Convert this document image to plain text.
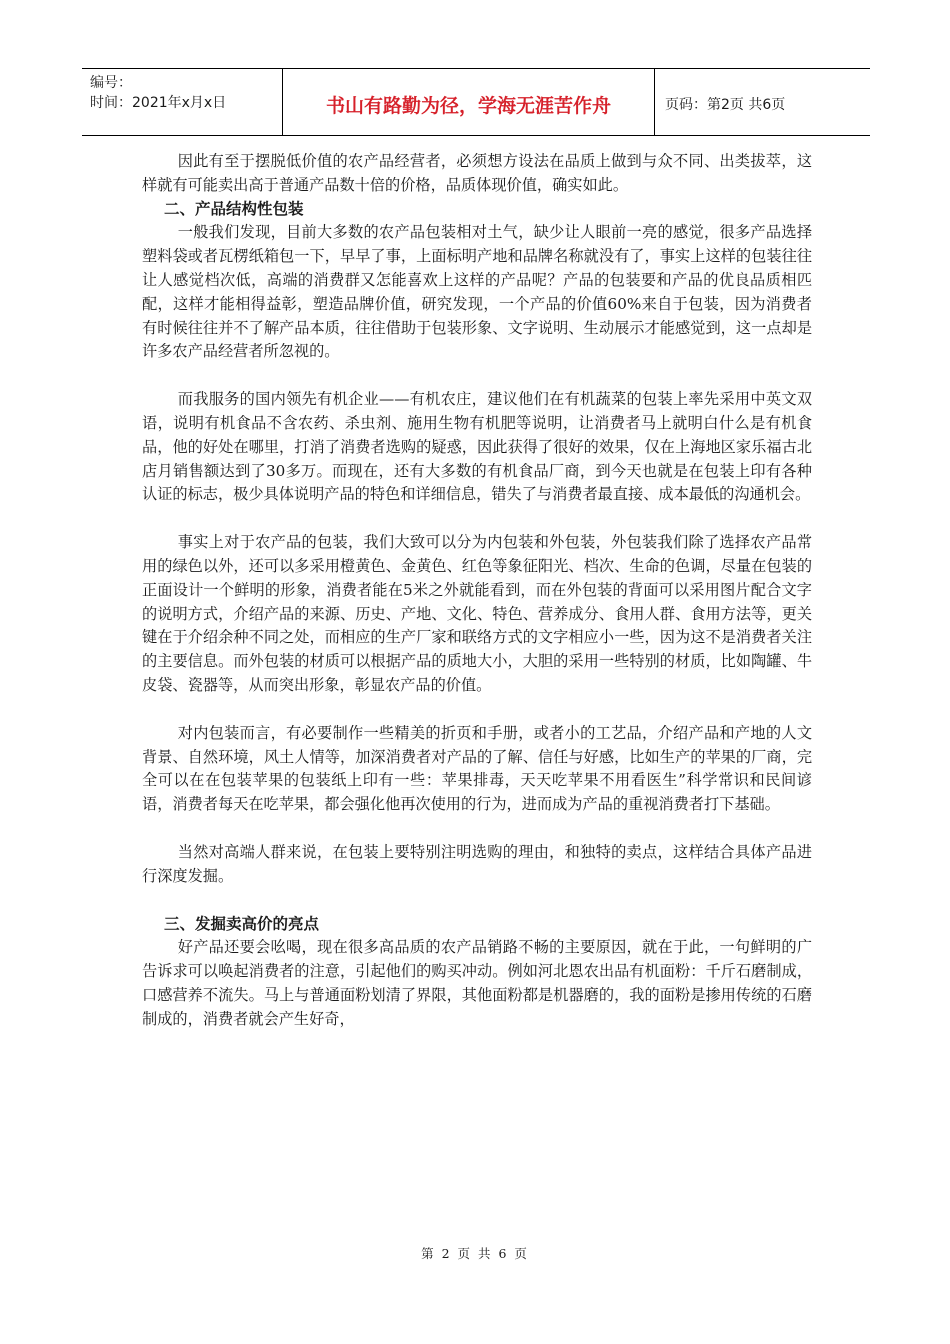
编号：
时间：2021年x月x日	书山有路勤为径，学海无涯苦作舟	页码：第2页 共6页

因此有至于摆脱低价值的农产品经营者，必须想方设法在品质上做到与众不同、出类拔萃，这样就有可能卖出高于普通产品数十倍的价格，品质体现价值，确实如此。

二、产品结构性包装

一般我们发现，目前大多数的农产品包装相对土气，缺少让人眼前一亮的感觉，很多产品选择塑料袋或者瓦楞纸箱包一下，早早了事，上面标明产地和品牌名称就没有了，事实上这样的包装往往让人感觉档次低，高端的消费群又怎能喜欢上这样的产品呢？产品的包装要和产品的优良品质相匹配，这样才能相得益彰，塑造品牌价值，研究发现，一个产品的价值60%来自于包装，因为消费者有时候往往并不了解产品本质，往往借助于包装形象、文字说明、生动展示才能感觉到，这一点却是许多农产品经营者所忽视的。

而我服务的国内领先有机企业——有机农庄，建议他们在有机蔬菜的包装上率先采用中英文双语，说明有机食品不含农药、杀虫剂、施用生物有机肥等说明，让消费者马上就明白什么是有机食品，他的好处在哪里，打消了消费者选购的疑惑，因此获得了很好的效果，仅在上海地区家乐福古北店月销售额达到了30多万。而现在，还有大多数的有机食品厂商，到今天也就是在包装上印有各种认证的标志，极少具体说明产品的特色和详细信息，错失了与消费者最直接、成本最低的沟通机会。

事实上对于农产品的包装，我们大致可以分为内包装和外包装，外包装我们除了选择农产品常用的绿色以外，还可以多采用橙黄色、金黄色、红色等象征阳光、档次、生命的色调，尽量在包装的正面设计一个鲜明的形象，消费者能在5米之外就能看到，而在外包装的背面可以采用图片配合文字的说明方式，介绍产品的来源、历史、产地、文化、特色、营养成分、食用人群、食用方法等，更关键在于介绍余种不同之处，而相应的生产厂家和联络方式的文字相应小一些，因为这不是消费者关注的主要信息。而外包装的材质可以根据产品的质地大小，大胆的采用一些特别的材质，比如陶罐、牛皮袋、瓷器等，从而突出形象，彰显农产品的价值。

对内包装而言，有必要制作一些精美的折页和手册，或者小的工艺品，介绍产品和产地的人文背景、自然环境，风土人情等，加深消费者对产品的了解、信任与好感，比如生产的苹果的厂商，完全可以在在包装苹果的包装纸上印有一些：苹果排毒，天天吃苹果不用看医生”科学常识和民间谚语，消费者每天在吃苹果，都会强化他再次使用的行为，进而成为产品的重视消费者打下基础。

当然对高端人群来说，在包装上要特别注明选购的理由，和独特的卖点，这样结合具体产品进行深度发掘。

三、发掘卖高价的亮点

好产品还要会吆喝，现在很多高品质的农产品销路不畅的主要原因，就在于此，一句鲜明的广告诉求可以唤起消费者的注意，引起他们的购买冲动。例如河北恩农出品有机面粉：千斤石磨制成，口感营养不流失。马上与普通面粉划清了界限，其他面粉都是机器磨的，我的面粉是掺用传统的石磨制成的，消费者就会产生好奇，

第 2 页 共 6 页
